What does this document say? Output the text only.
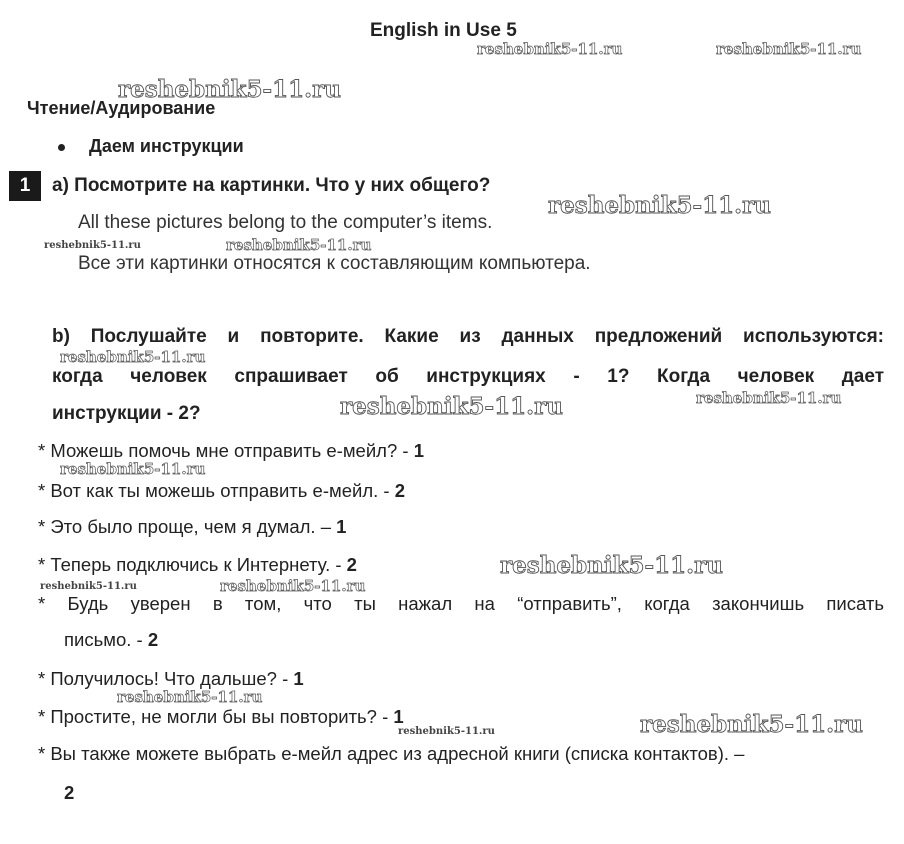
English in Use 5
Чтение/Аудирование
Даем инструкции
1	a) Посмотрите на картинки. Что у них общего?
All these pictures belong to the computer’s items.
Все эти картинки относятся к составляющим компьютера.
b) Послушайте и повторите. Какие из данных предложений используются:
когда человек спрашивает об инструкциях - 1? Когда человек дает
инструкции - 2?
* Можешь помочь мне отправить е-мейл? - 1
* Вот как ты можешь отправить е-мейл. - 2
* Это было проще, чем я думал. – 1
* Теперь подключись к Интернету. - 2
* Будь уверен в том, что ты нажал на “отправить”, когда закончишь писать
письмо. - 2
* Получилось! Что дальше? - 1
* Простите, не могли бы вы повторить? - 1
* Вы также можете выбрать е-мейл адрес из адресной книги (списка контактов). –
2
reshebnik5-11.ru	reshebnik5-11.ru
reshebnik5-11.ru
reshebnik5-11.ru
reshebnik5-11.ru	reshebnik5-11.ru
reshebnik5-11.ru
reshebnik5-11.ru	reshebnik5-11.ru
reshebnik5-11.ru
reshebnik5-11.ru
reshebnik5-11.ru	reshebnik5-11.ru
reshebnik5-11.ru
reshebnik5-11.ru	reshebnik5-11.ru
